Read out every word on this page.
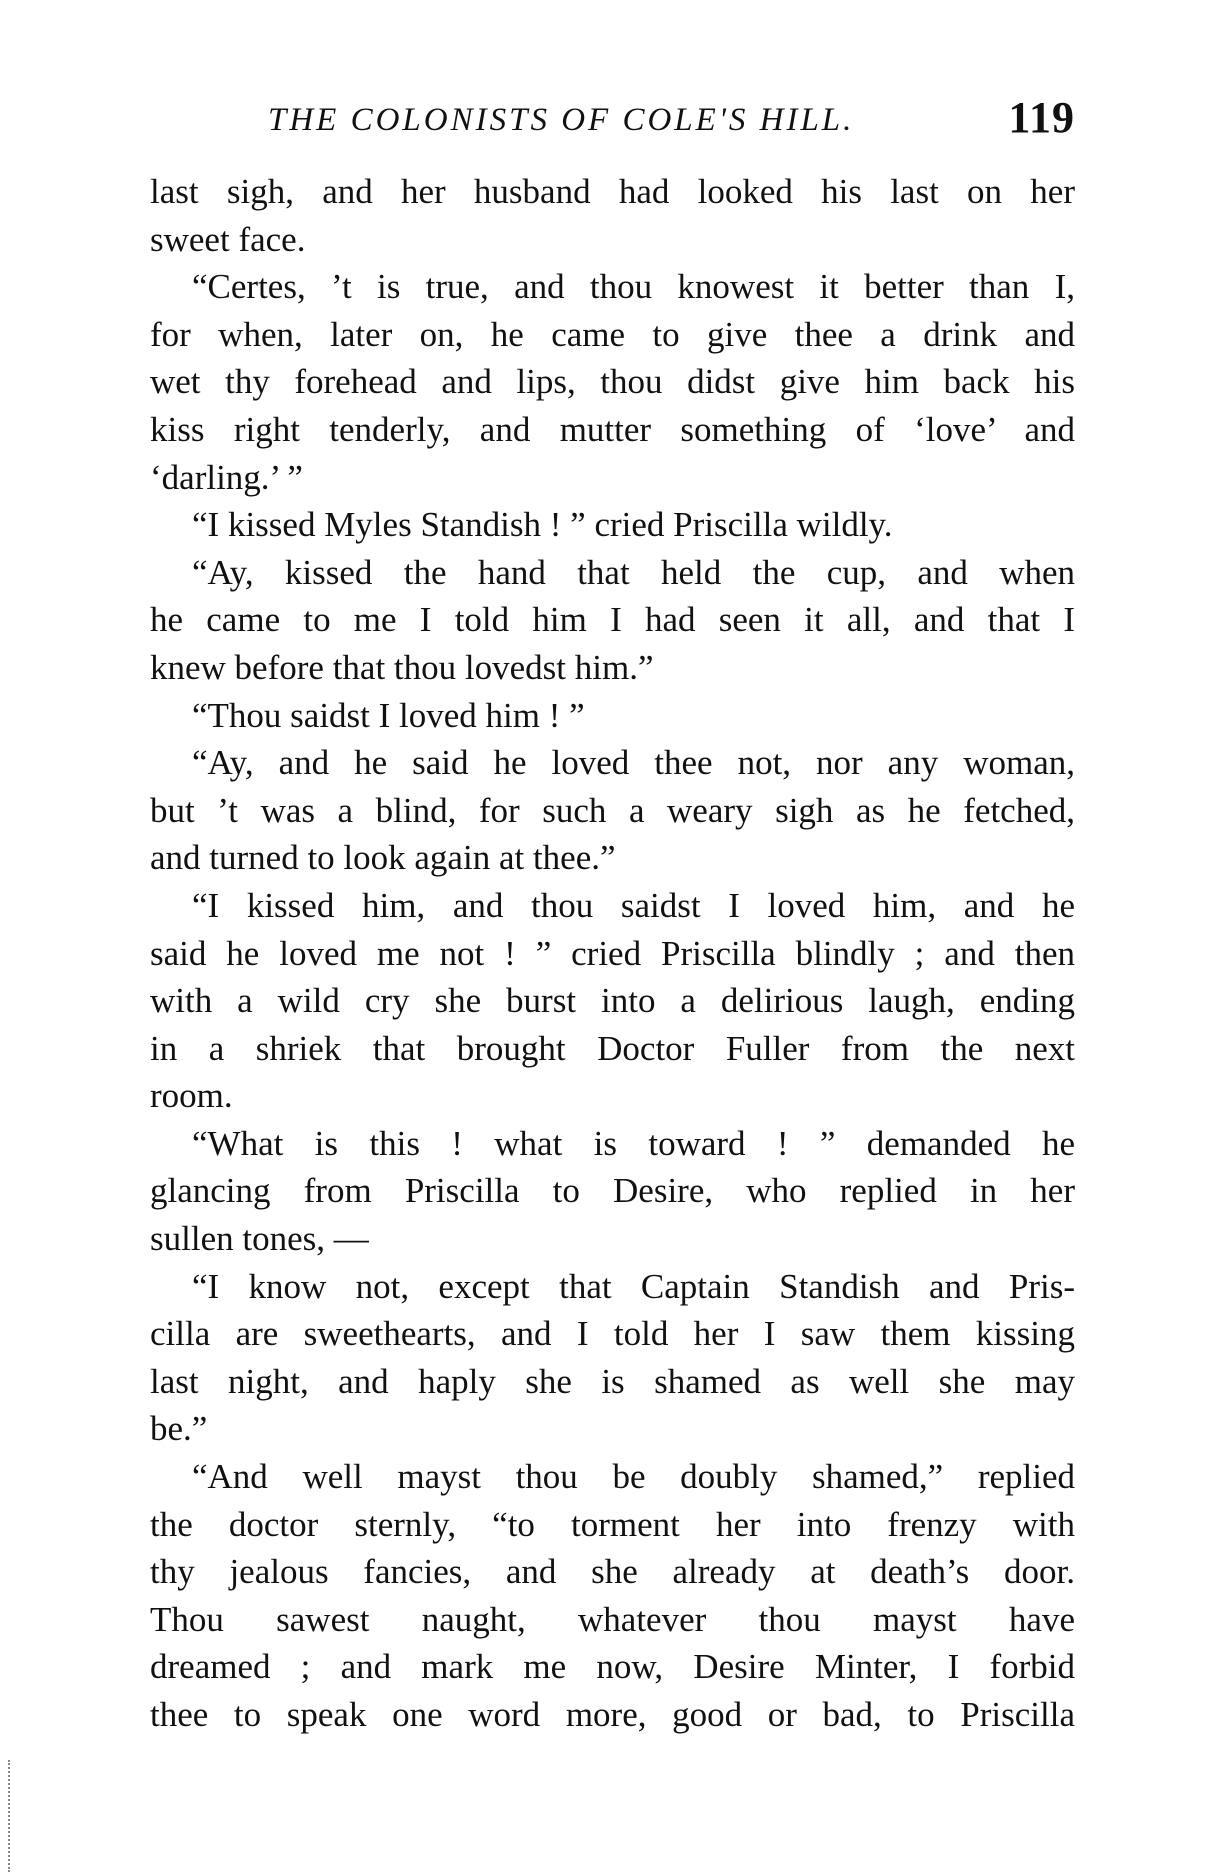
THE COLONISTS OF COLE'S HILL.	119
last sigh, and her husband had looked his last on her
sweet face.
“Certes, ’t is true, and thou knowest it better than I,
for when, later on, he came to give thee a drink and
wet thy forehead and lips, thou didst give him back his
kiss right tenderly, and mutter something of ‘love’ and
‘darling.’ ”
“I kissed Myles Standish ! ” cried Priscilla wildly.
“Ay, kissed the hand that held the cup, and when
he came to me I told him I had seen it all, and that I
knew before that thou lovedst him.”
“Thou saidst I loved him ! ”
“Ay, and he said he loved thee not, nor any woman,
but ’t was a blind, for such a weary sigh as he fetched,
and turned to look again at thee.”
“I kissed him, and thou saidst I loved him, and he
said he loved me not ! ” cried Priscilla blindly ; and then
with a wild cry she burst into a delirious laugh, ending
in a shriek that brought Doctor Fuller from the next
room.
“What is this ! what is toward ! ” demanded he
glancing from Priscilla to Desire, who replied in her
sullen tones, —
“I know not, except that Captain Standish and Pris-
cilla are sweethearts, and I told her I saw them kissing
last night, and haply she is shamed as well she may
be.”
“And well mayst thou be doubly shamed,” replied
the doctor sternly, “to torment her into frenzy with
thy jealous fancies, and she already at death’s door.
Thou sawest naught, whatever thou mayst have
dreamed ; and mark me now, Desire Minter, I forbid
thee to speak one word more, good or bad, to Priscilla
